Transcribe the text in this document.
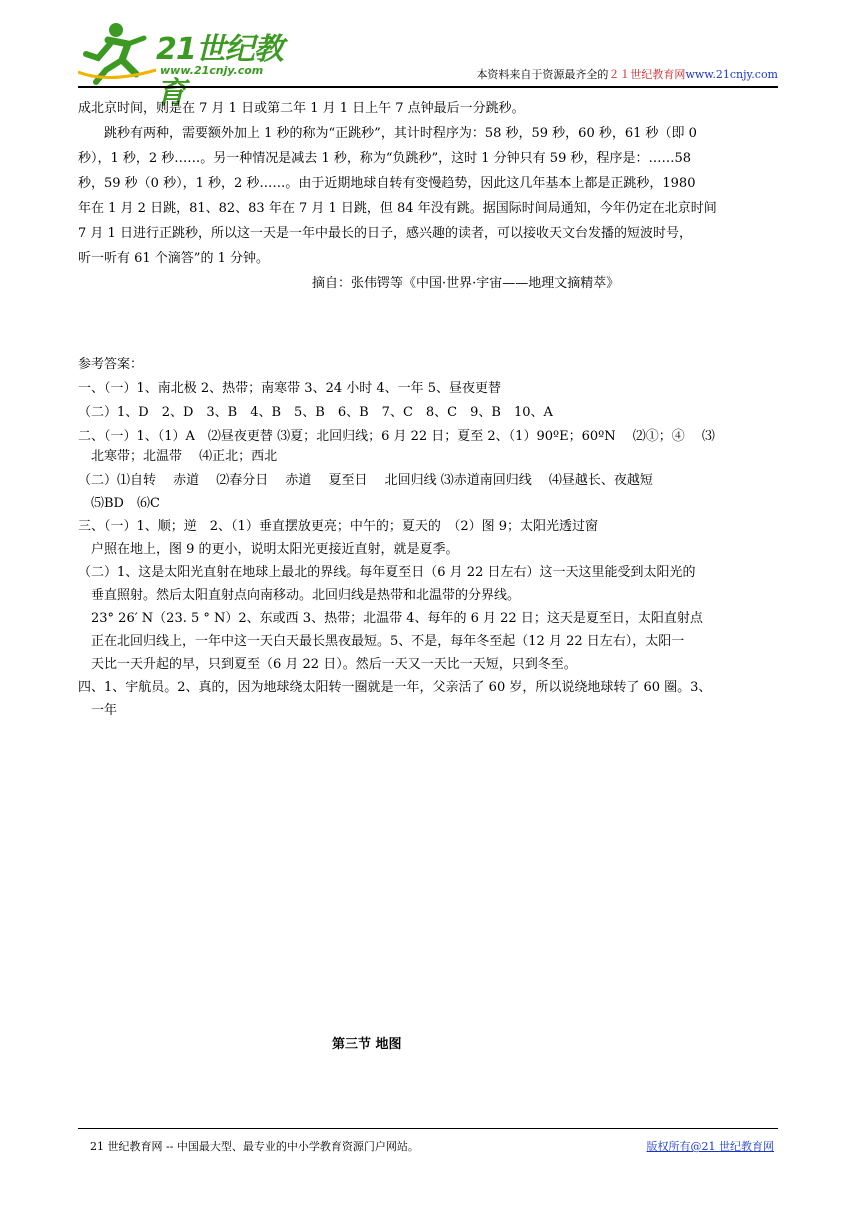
21世纪教育
www.21cnjy.com	本资料来自于资源最齐全的２１世纪教育网www.21cnjy.com
成北京时间，则是在 7 月 1 日或第二年 1 月 1 日上午 7 点钟最后一分跳秒。
跳秒有两种，需要额外加上 1 秒的称为“正跳秒”，其计时程序为：58 秒，59 秒，60 秒，61 秒（即 0
秒），1 秒，2 秒……。另一种情况是减去 1 秒，称为“负跳秒”，这时 1 分钟只有 59 秒，程序是：……58
秒，59 秒（0 秒），1 秒，2 秒……。由于近期地球自转有变慢趋势，因此这几年基本上都是正跳秒，1980
年在 1 月 2 日跳，81、82、83 年在 7 月 1 日跳，但 84 年没有跳。据国际时间局通知，今年仍定在北京时间
7 月 1 日进行正跳秒，所以这一天是一年中最长的日子，感兴趣的读者，可以接收天文台发播的短波时号，
听一听有 61 个滴答”的 1 分钟。
摘自：张伟锷等《中国·世界·宇宙——地理文摘精萃》
参考答案：
一、（一）1、南北极 2、热带；南寒带 3、24 小时 4、一年 5、昼夜更替
（二）1、D　2、D　3、B　4、B　5、B　6、B　7、C　8、C　9、B　10、A
二、（一）1、（1）A　⑵昼夜更替 ⑶夏；北回归线；6 月 22 日；夏至 2、（1）90ºE；60ºN　 ⑵①；④　 ⑶
北寒带；北温带　 ⑷正北；西北
（二）⑴自转　 赤道　 ⑵春分日　 赤道　 夏至日　 北回归线 ⑶赤道南回归线　 ⑷昼越长、夜越短
⑸BD　⑹C
三、（一）1、顺；逆　2、（1）垂直摆放更亮；中午的；夏天的　（2）图 9；太阳光透过窗
户照在地上，图 9 的更小，说明太阳光更接近直射，就是夏季。
（二）1、这是太阳光直射在地球上最北的界线。每年夏至日（6 月 22 日左右）这一天这里能受到太阳光的
垂直照射。然后太阳直射点向南移动。北回归线是热带和北温带的分界线。
23° 26′ N（23. 5 ° N）2、东或西 3、热带；北温带 4、每年的 6 月 22 日；这天是夏至日，太阳直射点
正在北回归线上，一年中这一天白天最长黑夜最短。5、不是，每年冬至起（12 月 22 日左右），太阳一
天比一天升起的早，只到夏至（6 月 22 日）。然后一天又一天比一天短，只到冬至。
四、1、宇航员。2、真的，因为地球绕太阳转一圈就是一年，父亲活了 60 岁，所以说绕地球转了 60 圈。3、
一年
第三节 地图
21 世纪教育网 -- 中国最大型、最专业的中小学教育资源门户网站。	版权所有@21 世纪教育网
